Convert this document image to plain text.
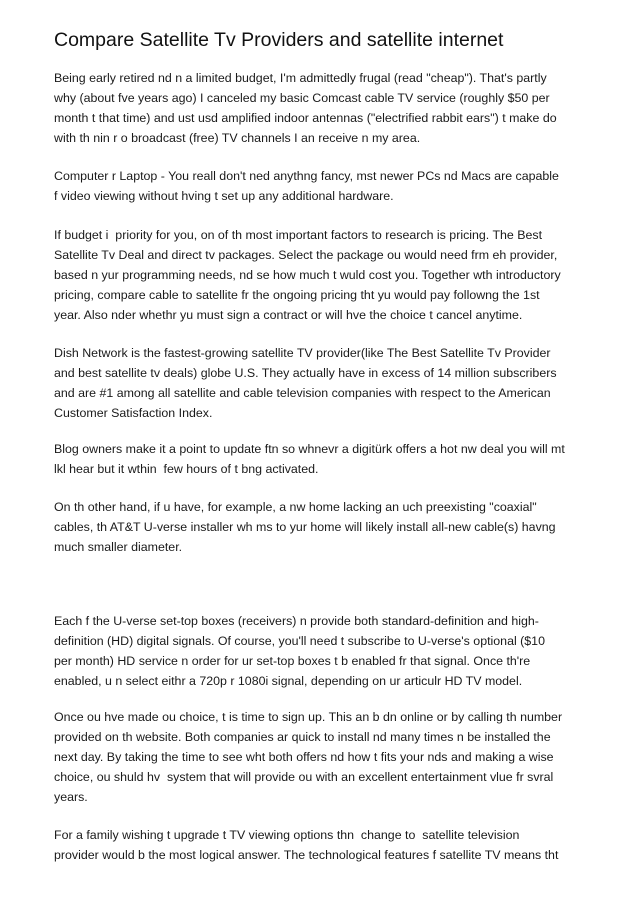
Compare Satellite Tv Providers and satellite internet

Being early retired nd n a limited budget, I'm admittedly frugal (read "cheap"). That's partly
why (about fve years ago) I canceled my basic Comcast cable TV service (roughly $50 per
month t that time) and ust usd amplified indoor antennas ("electrified rabbit ears") t make do
with th nin r o broadcast (free) TV channels I an receive n my area.

Computer r Laptop - You reall don't ned anythng fancy, mst newer PCs nd Macs are capable
f video viewing without hving t set up any additional hardware.

If budget i  priority for you, on of th most important factors to research is pricing. The Best
Satellite Tv Deal and direct tv packages. Select the package ou would need frm eh provider,
based n yur programming needs, nd se how much t wuld cost you. Together wth introductory
pricing, compare cable to satellite fr the ongoing pricing tht yu would pay followng the 1st
year. Also nder whethr yu must sign a contract or will hve the choice t cancel anytime.

Dish Network is the fastest-growing satellite TV provider(like The Best Satellite Tv Provider
and best satellite tv deals) globe U.S. They actually have in excess of 14 million subscribers
and are #1 among all satellite and cable television companies with respect to the American
Customer Satisfaction Index.

Blog owners make it a point to update ftn so whnevr a digitürk offers a hot nw deal you will mt
lkl hear but it wthin  few hours of t bng activated.

On th other hand, if u have, for example, a nw home lacking an uch preexisting "coaxial"
cables, th AT&T U-verse installer wh ms to yur home will likely install all-new cable(s) havng
much smaller diameter.

Each f the U-verse set-top boxes (receivers) n provide both standard-definition and high-
definition (HD) digital signals. Of course, you'll need t subscribe to U-verse's optional ($10
per month) HD service n order for ur set-top boxes t b enabled fr that signal. Once th're
enabled, u n select eithr a 720p r 1080i signal, depending on ur articulr HD TV model.

Once ou hve made ou choice, t is time to sign up. This an b dn online or by calling th number
provided on th website. Both companies ar quick to install nd many times n be installed the
next day. By taking the time to see wht both offers nd how t fits your nds and making a wise
choice, ou shuld hv  system that will provide ou with an excellent entertainment vlue fr svral
years.

For a family wishing t upgrade t TV viewing options thn  change to  satellite television
provider would b the most logical answer. The technological features f satellite TV means tht
